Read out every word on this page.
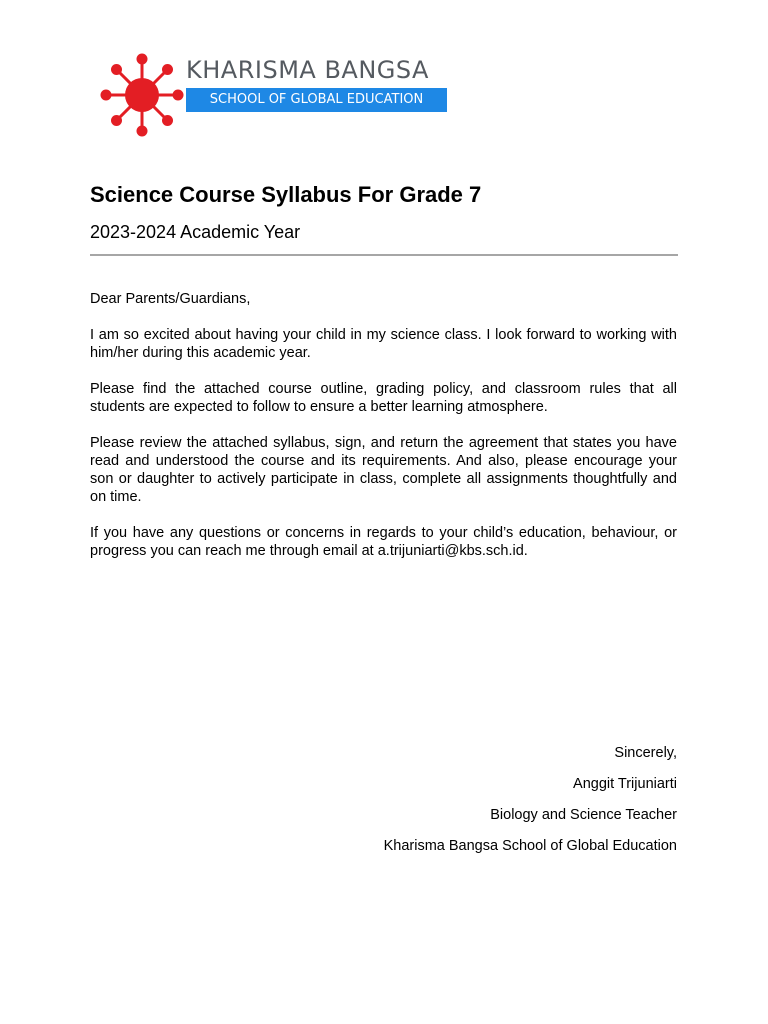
KHARISMA BANGSA
SCHOOL OF GLOBAL EDUCATION
Science Course Syllabus For Grade 7
2023-2024 Academic Year

Dear Parents/Guardians,

I am so excited about having your child in my science class. I look forward to working with him/her during this academic year.

Please find the attached course outline, grading policy, and classroom rules that all students are expected to follow to ensure a better learning atmosphere.

Please review the attached syllabus, sign, and return the agreement that states you have read and understood the course and its requirements. And also, please encourage your son or daughter to actively participate in class, complete all assignments thoughtfully and on time.

If you have any questions or concerns in regards to your child’s education, behaviour, or progress you can reach me through email at a.trijuniarti@kbs.sch.id.

Sincerely,
Anggit Trijuniarti
Biology and Science Teacher
Kharisma Bangsa School of Global Education
